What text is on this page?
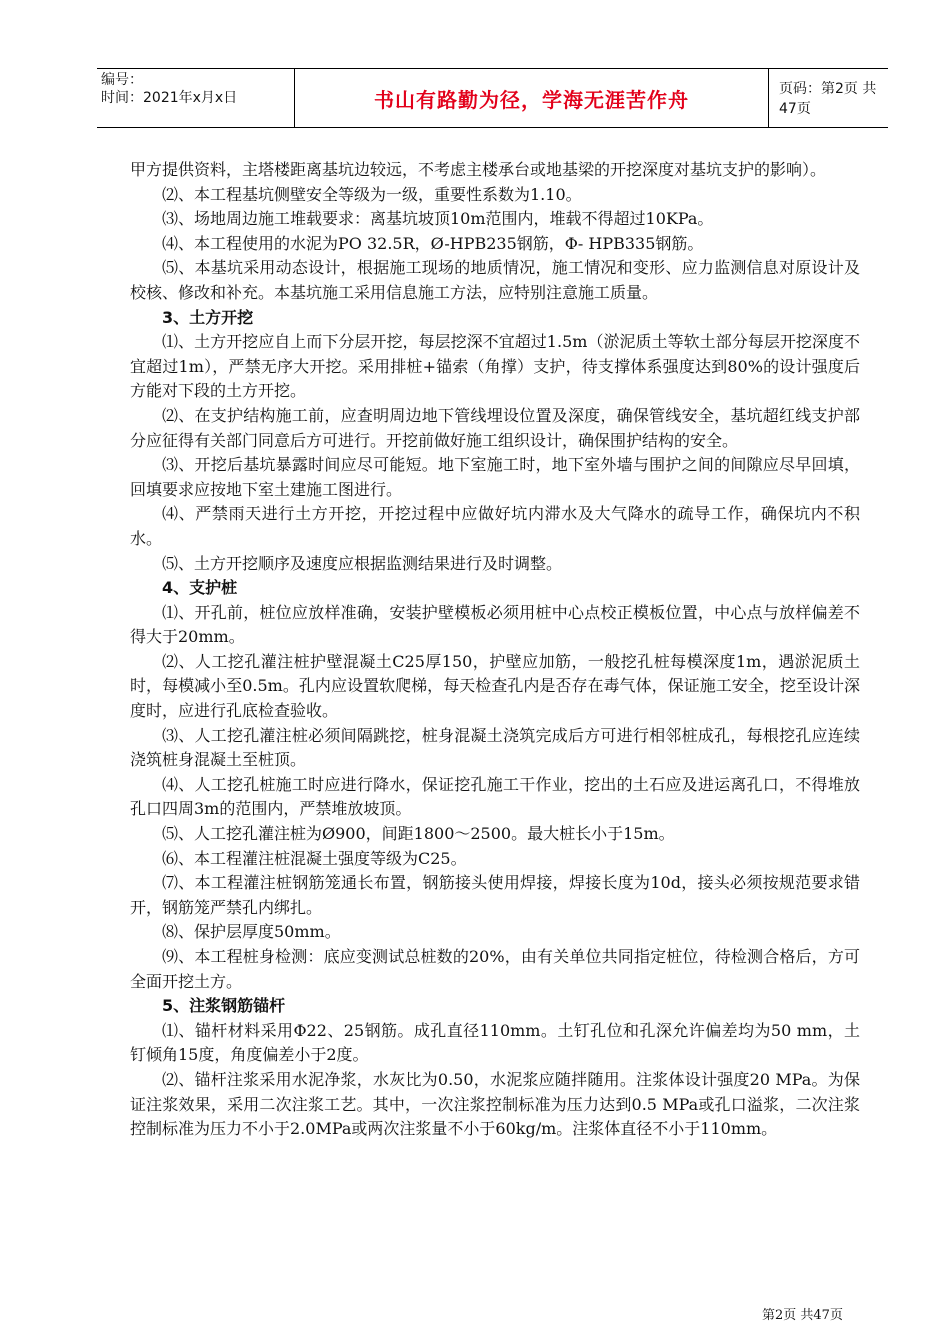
编号：
时间：2021年x月x日	书山有路勤为径，学海无涯苦作舟	页码：第2页 共47页

甲方提供资料，主塔楼距离基坑边较远，不考虑主楼承台或地基梁的开挖深度对基坑支护的影响）。

⑵、本工程基坑侧壁安全等级为一级，重要性系数为1.10。

⑶、场地周边施工堆载要求：离基坑坡顶10m范围内，堆载不得超过10KPa。

⑷、本工程使用的水泥为PO 32.5R，Ø-HPB235钢筋，Φ- HPB335钢筋。

⑸、本基坑采用动态设计，根据施工现场的地质情况，施工情况和变形、应力监测信息对原设计及校核、修改和补充。本基坑施工采用信息施工方法，应特别注意施工质量。

3、土方开挖

⑴、土方开挖应自上而下分层开挖，每层挖深不宜超过1.5m（淤泥质土等软土部分每层开挖深度不宜超过1m），严禁无序大开挖。采用排桩+锚索（角撑）支护，待支撑体系强度达到80%的设计强度后方能对下段的土方开挖。

⑵、在支护结构施工前，应查明周边地下管线埋设位置及深度，确保管线安全，基坑超红线支护部分应征得有关部门同意后方可进行。开挖前做好施工组织设计，确保围护结构的安全。

⑶、开挖后基坑暴露时间应尽可能短。地下室施工时，地下室外墙与围护之间的间隙应尽早回填，回填要求应按地下室土建施工图进行。

⑷、严禁雨天进行土方开挖，开挖过程中应做好坑内滞水及大气降水的疏导工作，确保坑内不积水。

⑸、土方开挖顺序及速度应根据监测结果进行及时调整。

4、支护桩

⑴、开孔前，桩位应放样准确，安装护壁模板必须用桩中心点校正模板位置，中心点与放样偏差不得大于20mm。

⑵、人工挖孔灌注桩护壁混凝土C25厚150，护壁应加筋，一般挖孔桩每模深度1m，遇淤泥质土时，每模减小至0.5m。孔内应设置软爬梯，每天检查孔内是否存在毒气体，保证施工安全，挖至设计深度时，应进行孔底检查验收。

⑶、人工挖孔灌注桩必须间隔跳挖，桩身混凝土浇筑完成后方可进行相邻桩成孔，每根挖孔应连续浇筑桩身混凝土至桩顶。

⑷、人工挖孔桩施工时应进行降水，保证挖孔施工干作业，挖出的土石应及进运离孔口，不得堆放孔口四周3m的范围内，严禁堆放坡顶。

⑸、人工挖孔灌注桩为Ø900，间距1800～2500。最大桩长小于15m。

⑹、本工程灌注桩混凝土强度等级为C25。

⑺、本工程灌注桩钢筋笼通长布置，钢筋接头使用焊接，焊接长度为10d，接头必须按规范要求错开，钢筋笼严禁孔内绑扎。

⑻、保护层厚度50mm。

⑼、本工程桩身检测：底应变测试总桩数的20%，由有关单位共同指定桩位，待检测合格后，方可全面开挖土方。

5、注浆钢筋锚杆

⑴、锚杆材料采用Φ22、25钢筋。成孔直径110mm。土钉孔位和孔深允许偏差均为50 mm，土钉倾角15度，角度偏差小于2度。

⑵、锚杆注浆采用水泥净浆，水灰比为0.50，水泥浆应随拌随用。注浆体设计强度20 MPa。为保证注浆效果，采用二次注浆工艺。其中，一次注浆控制标准为压力达到0.5 MPa或孔口溢浆，二次注浆控制标准为压力不小于2.0MPa或两次注浆量不小于60kg/m。注浆体直径不小于110mm。

第2页 共47页
